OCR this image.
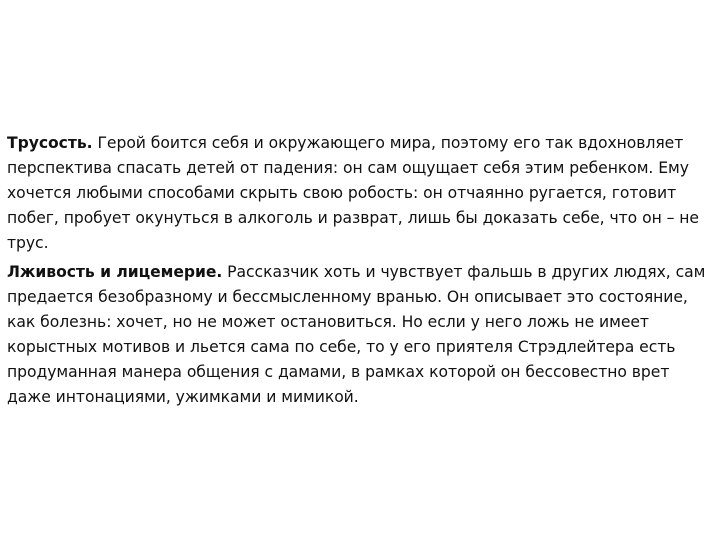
Трусость. Герой боится себя и окружающего мира, поэтому его так вдохновляет перспектива спасать детей от падения: он сам ощущает себя этим ребенком. Ему хочется любыми способами скрыть свою робость: он отчаянно ругается, готовит побег, пробует окунуться в алкоголь и разврат, лишь бы доказать себе, что он – не трус.

Лживость и лицемерие. Рассказчик хоть и чувствует фальшь в других людях, сам предается безобразному и бессмысленному вранью. Он описывает это состояние, как болезнь: хочет, но не может остановиться. Но если у него ложь не имеет корыстных мотивов и льется сама по себе, то у его приятеля Стрэдлейтера есть продуманная манера общения с дамами, в рамках которой он бессовестно врет даже интонациями, ужимками и мимикой.
